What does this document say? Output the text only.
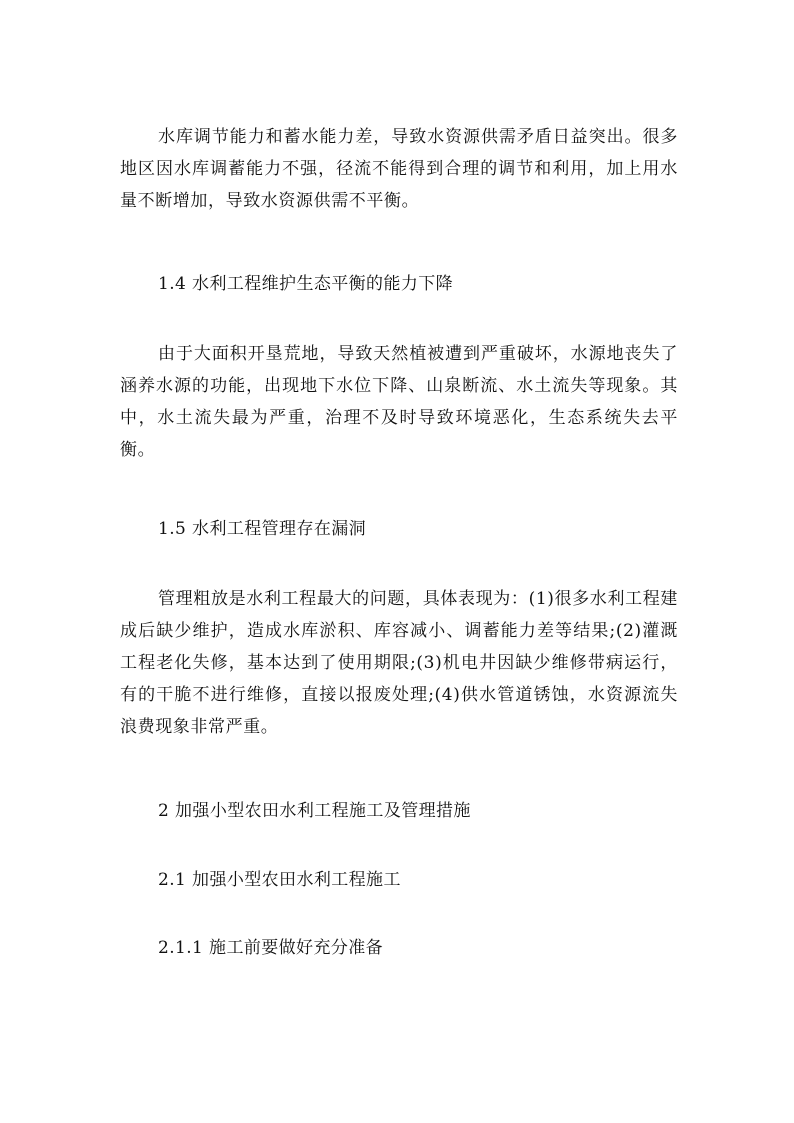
水库调节能力和蓄水能力差，导致水资源供需矛盾日益突出。很多地区因水库调蓄能力不强，径流不能得到合理的调节和利用，加上用水量不断增加，导致水资源供需不平衡。

1.4 水利工程维护生态平衡的能力下降

由于大面积开垦荒地，导致天然植被遭到严重破坏，水源地丧失了涵养水源的功能，出现地下水位下降、山泉断流、水土流失等现象。其中，水土流失最为严重，治理不及时导致环境恶化，生态系统失去平衡。

1.5 水利工程管理存在漏洞

管理粗放是水利工程最大的问题，具体表现为：(1)很多水利工程建成后缺少维护，造成水库淤积、库容减小、调蓄能力差等结果;(2)灌溉工程老化失修，基本达到了使用期限;(3)机电井因缺少维修带病运行，有的干脆不进行维修，直接以报废处理;(4)供水管道锈蚀，水资源流失浪费现象非常严重。

2 加强小型农田水利工程施工及管理措施

2.1 加强小型农田水利工程施工

2.1.1 施工前要做好充分准备
